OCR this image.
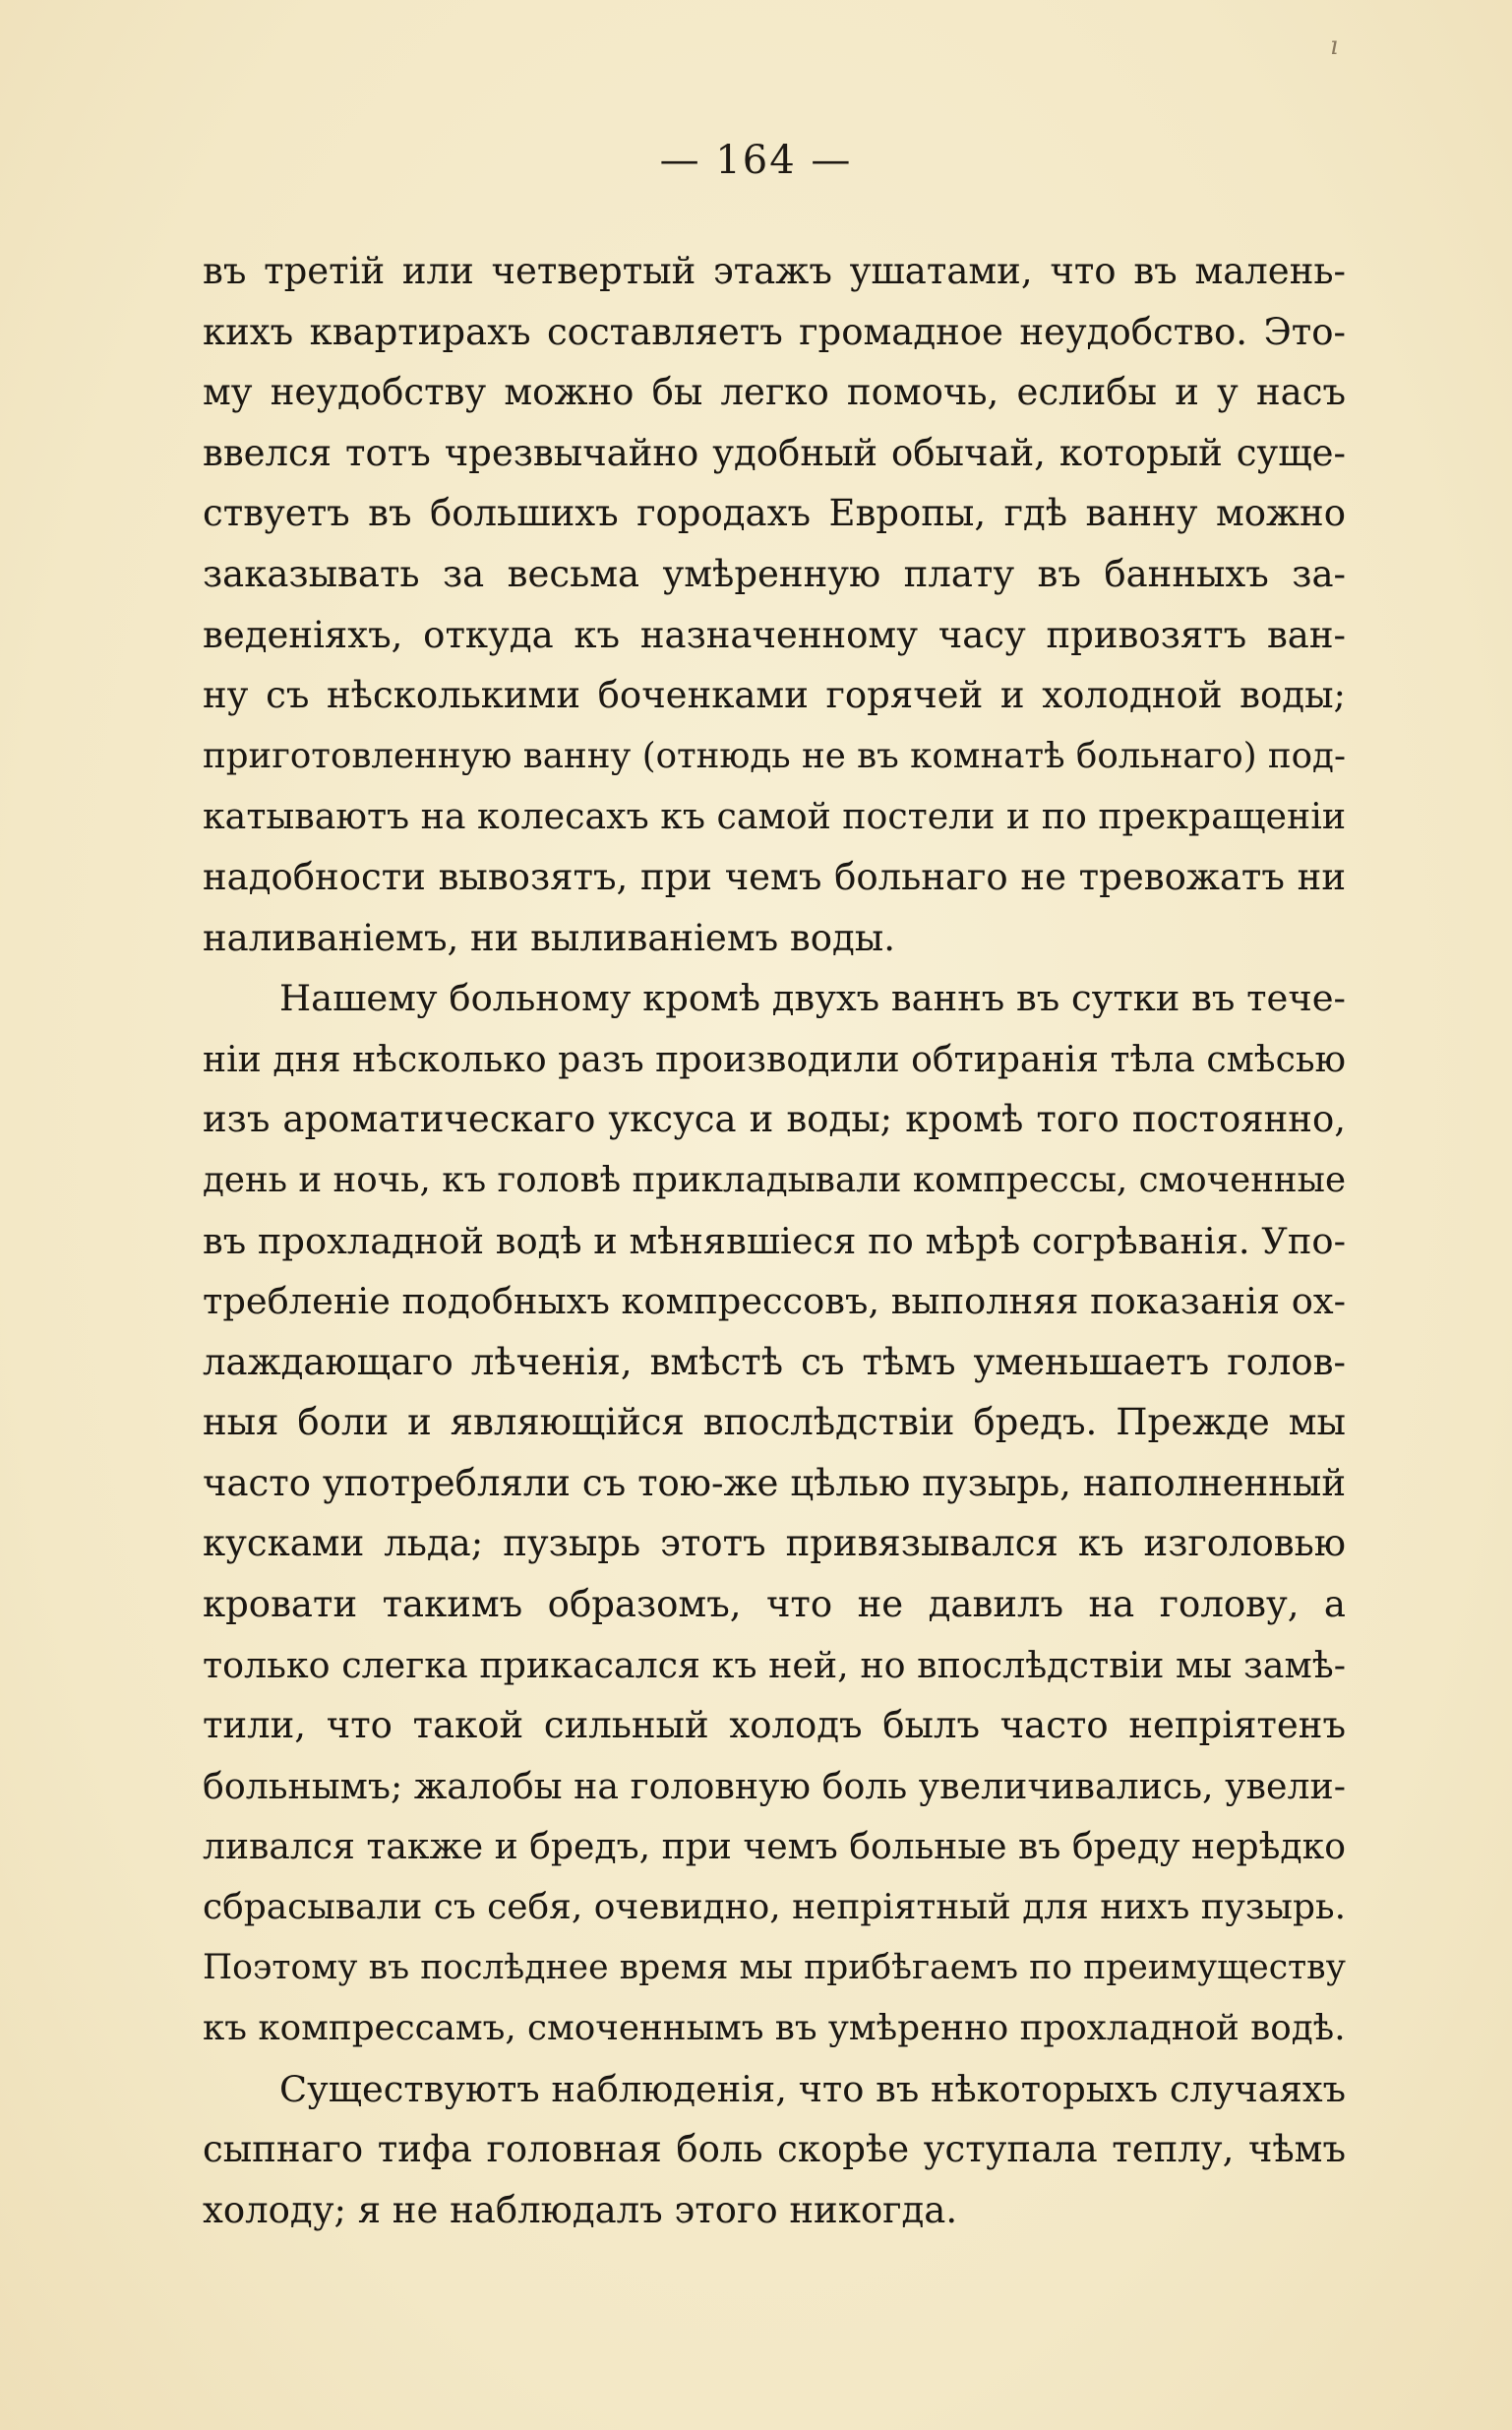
ı
— 164 —
въ третій или четвертый этажъ ушатами, что въ малень-
кихъ квартирахъ составляетъ громадное неудобство. Это-
му неудобству можно бы легко помочь, еслибы и у насъ
ввелся тотъ чрезвычайно удобный обычай, который суще-
ствуетъ въ большихъ городахъ Европы, гдѣ ванну можно
заказывать за весьма умѣренную плату въ банныхъ за-
веденіяхъ, откуда къ назначенному часу привозятъ ван-
ну съ нѣсколькими боченками горячей и холодной воды;
приготовленную ванну (отнюдь не въ комнатѣ больнаго) под-
катываютъ на колесахъ къ самой постели и по прекращеніи
надобности вывозятъ, при чемъ больнаго не тревожатъ ни
наливаніемъ, ни выливаніемъ воды.
Нашему больному кромѣ двухъ ваннъ въ сутки въ тече-
ніи дня нѣсколько разъ производили обтиранія тѣла смѣсью
изъ ароматическаго уксуса и воды; кромѣ того постоянно,
день и ночь, къ головѣ прикладывали компрессы, смоченные
въ прохладной водѣ и мѣнявшіеся по мѣрѣ согрѣванія. Упо-
требленіе подобныхъ компрессовъ, выполняя показанія ох-
лаждающаго лѣченія, вмѣстѣ съ тѣмъ уменьшаетъ голов-
ныя боли и являющійся впослѣдствіи бредъ. Прежде мы
часто употребляли съ тою-же цѣлью пузырь, наполненный
кусками льда; пузырь этотъ привязывался къ изголовью
кровати такимъ образомъ, что не давилъ на голову, а
только слегка прикасался къ ней, но впослѣдствіи мы замѣ-
тили, что такой сильный холодъ былъ часто непріятенъ
больнымъ; жалобы на головную боль увеличивались, увели-
ливался также и бредъ, при чемъ больные въ бреду нерѣдко
сбрасывали съ себя, очевидно, непріятный для нихъ пузырь.
Поэтому въ послѣднее время мы прибѣгаемъ по преимуществу
къ компрессамъ, смоченнымъ въ умѣренно прохладной водѣ.
Существуютъ наблюденія, что въ нѣкоторыхъ случаяхъ
сыпнаго тифа головная боль скорѣе уступала теплу, чѣмъ
холоду; я не наблюдалъ этого никогда.
